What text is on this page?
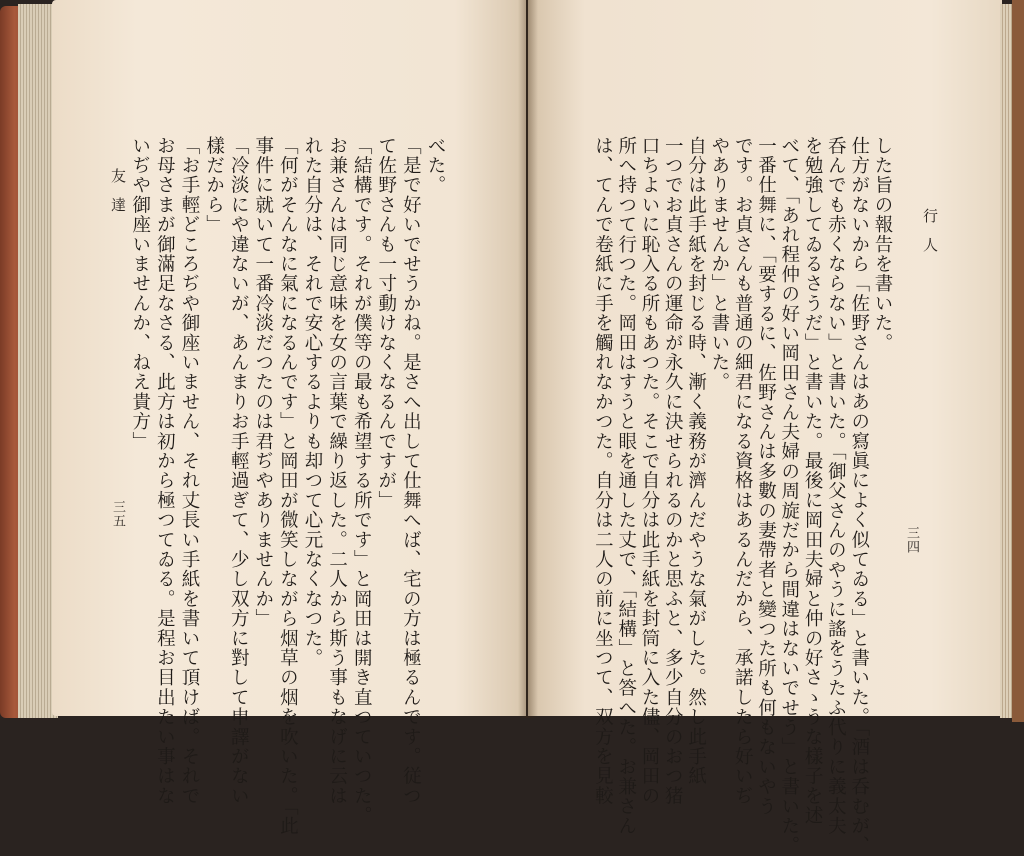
友達
三五
べた。
「是で好いでせうかね。是さへ出して仕舞へば、宅の方は極るんです。従つ
て佐野さんも一寸動けなくなるんですが」
「結構です。それが僕等の最も希望する所です」と岡田は開き直つていつた。
お兼さんは同じ意味を女の言葉で繰り返した。二人から斯う事もなげに云は
れた自分は、それで安心するよりも却つて心元なくなつた。
「何がそんなに氣になるんです」と岡田が微笑しながら烟草の烟を吹いた。「此
事件に就いて一番冷淡だつたのは君ぢやありませんか」
「冷淡にや違ないが、あんまりお手輕過ぎて、少し双方に對して申譯がない
樣だから」
「お手輕どころぢや御座いません、それ丈長い手紙を書いて頂けば。それで
お母さまが御滿足なさる、此方は初から極つてゐる。是程お目出たい事はな
いぢや御座いませんか、ねえ貴方」	行人
三四
した旨の報告を書いた。
仕方がないから「佐野さんはあの寫眞によく似てゐる」と書いた。「酒は呑むが、
呑んでも赤くならない」と書いた。「御父さんのやうに謠をうたふ代りに義太夫
を勉強してゐるさうだ」と書いた。最後に岡田夫婦と仲の好さゝうな樣子を述
べて、「あれ程仲の好い岡田さん夫婦の周旋だから間違はないでせう」と書いた。
一番仕舞に、「要するに、佐野さんは多數の妻帶者と變つた所も何もないやう
です。お貞さんも普通の細君になる資格はあるんだから、承諾したら好いぢ
やありませんか」と書いた。
自分は此手紙を封じる時、漸く義務が濟んだやうな氣がした。然し此手紙
一つでお貞さんの運命が永久に決せられるのかと思ふと、多少自分のおつ猪
口ちよいに恥入る所もあつた。そこで自分は此手紙を封筒に入た儘、岡田の
所へ持つて行つた。岡田はすうと眼を通した丈で、「結構」と答へた。お兼さん
は、てんで卷紙に手を觸れなかつた。自分は二人の前に坐つて、双方を見較
